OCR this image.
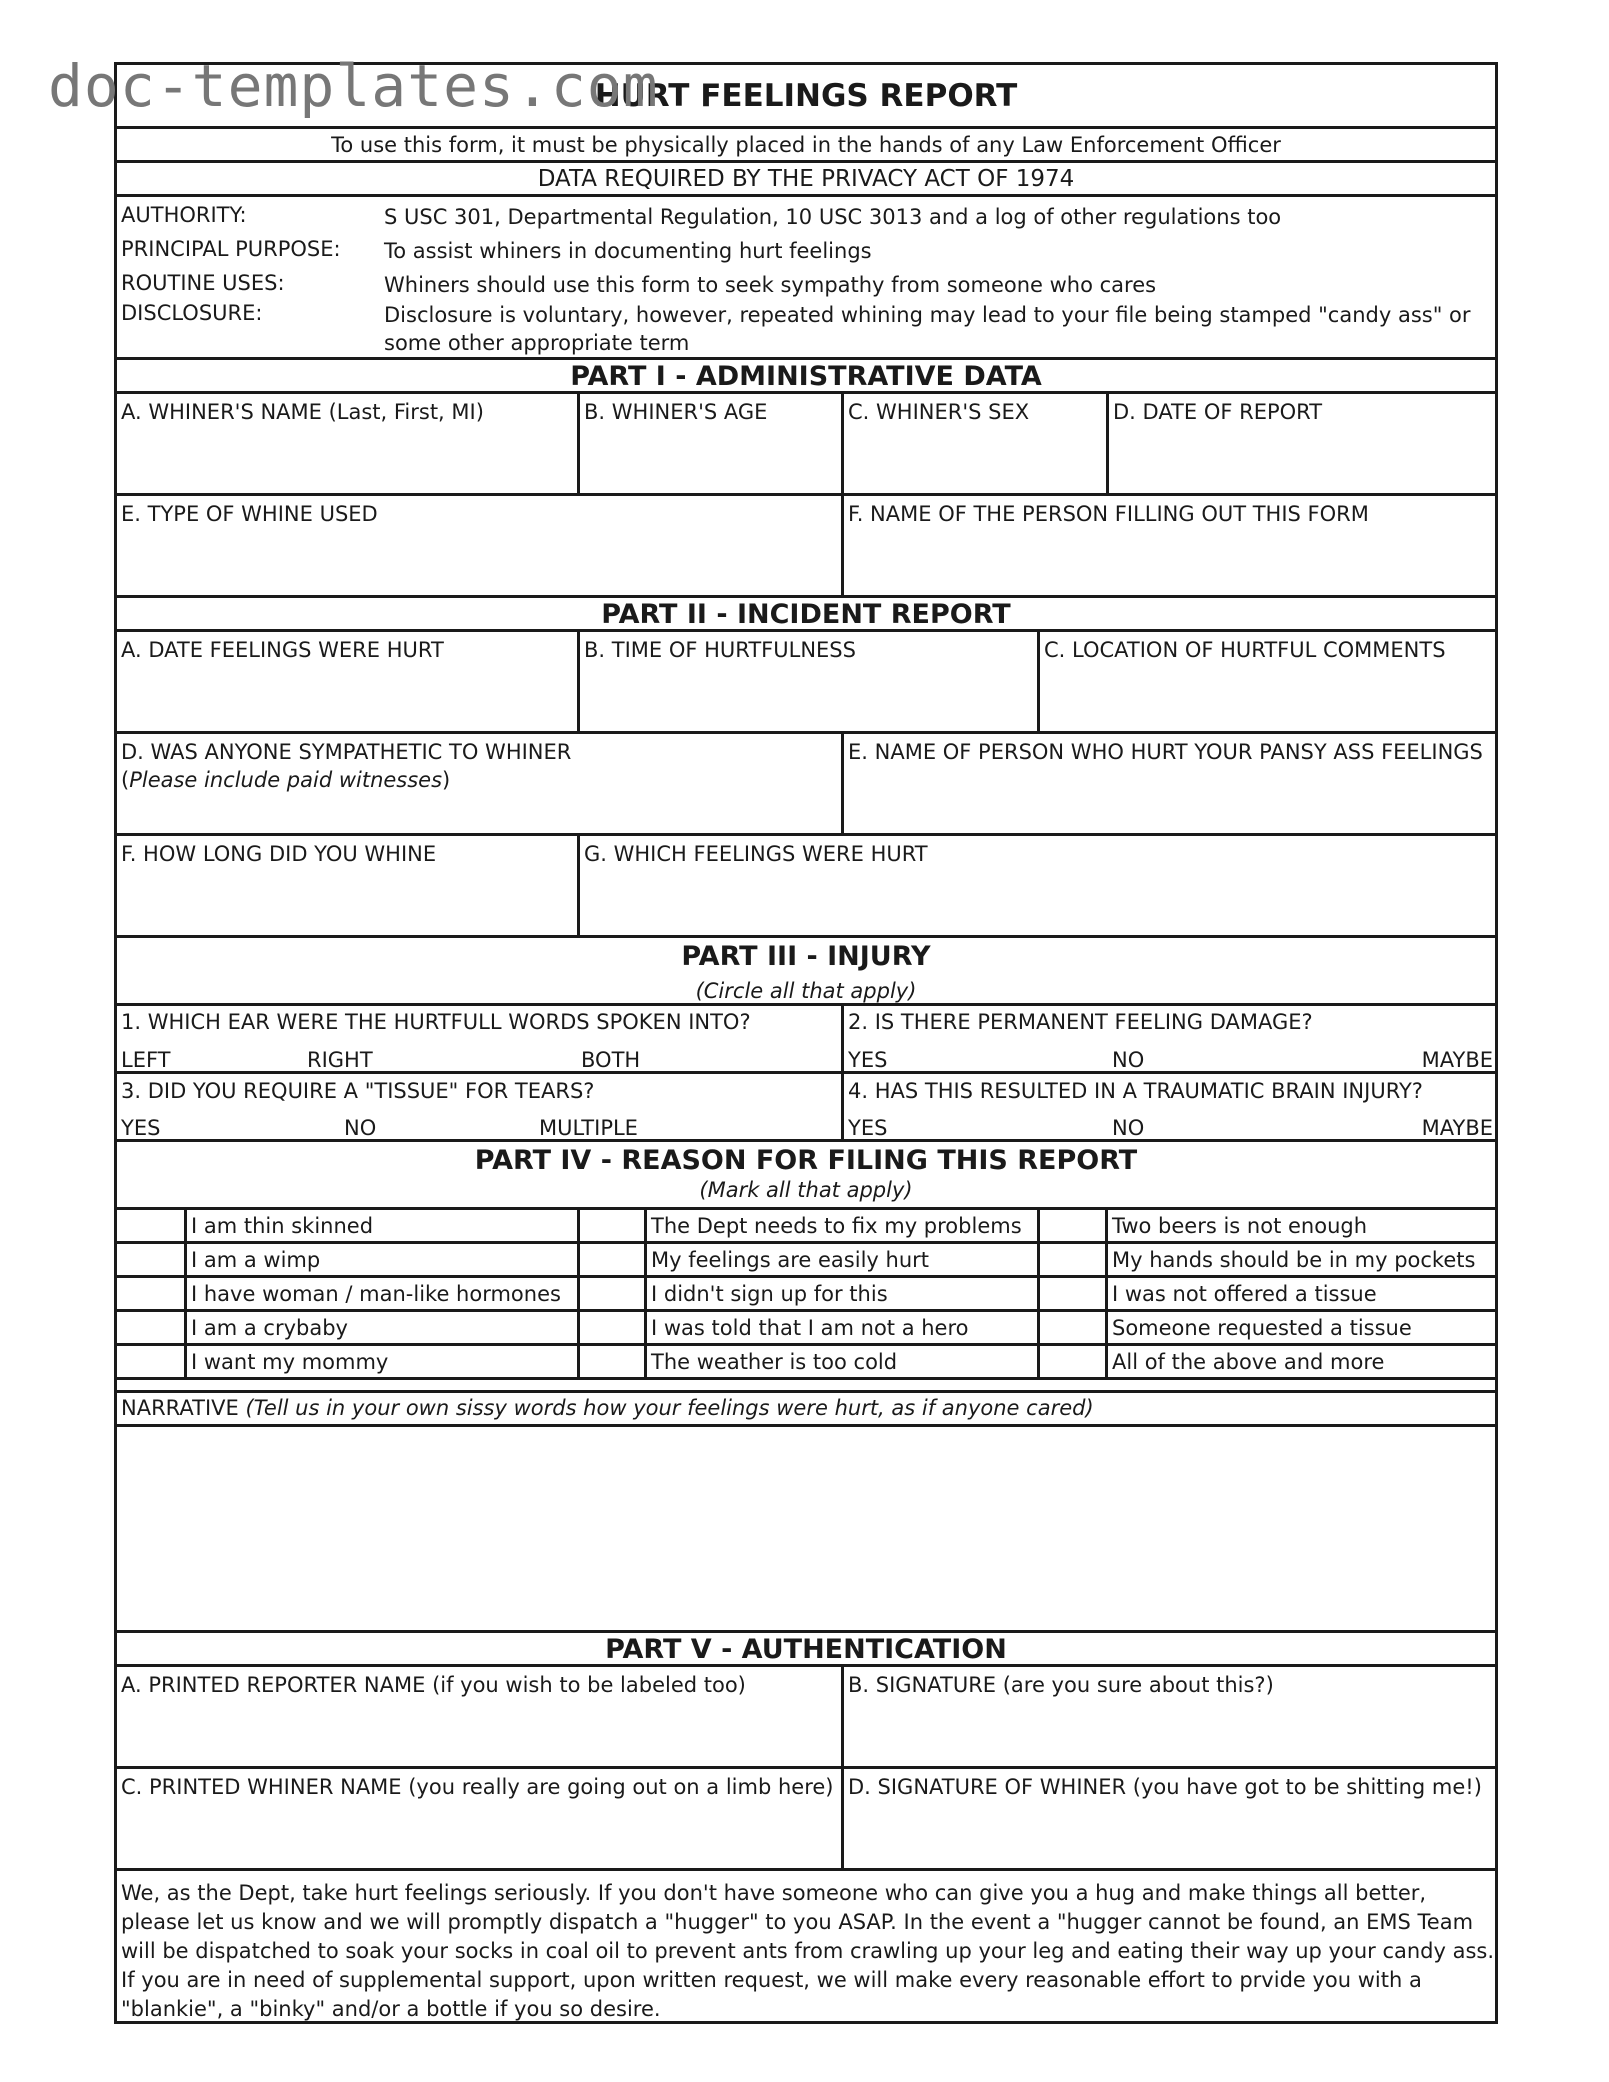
doc-templates.com
HURT FEELINGS REPORT
To use this form, it must be physically placed in the hands of any Law Enforcement Officer
DATA REQUIRED BY THE PRIVACY ACT OF 1974
AUTHORITY:	S USC 301, Departmental Regulation, 10 USC 3013 and a log of other regulations too
PRINCIPAL PURPOSE: To assist whiners in documenting hurt feelings
ROUTINE USES:	Whiners should use this form to seek sympathy from someone who cares
DISCLOSURE:	Disclosure is voluntary, however, repeated whining may lead to your file being stamped "candy ass" or
some other appropriate term
PART I - ADMINISTRATIVE DATA
A. WHINER'S NAME (Last, First, MI)	B. WHINER'S AGE	C. WHINER'S SEX	D. DATE OF REPORT
E. TYPE OF WHINE USED	F. NAME OF THE PERSON FILLING OUT THIS FORM
PART II - INCIDENT REPORT
A. DATE FEELINGS WERE HURT	B. TIME OF HURTFULNESS	C. LOCATION OF HURTFUL COMMENTS
D. WAS ANYONE SYMPATHETIC TO WHINER
(Please include paid witnesses)
E. NAME OF PERSON WHO HURT YOUR PANSY ASS FEELINGS
F. HOW LONG DID YOU WHINE	G. WHICH FEELINGS WERE HURT
PART III - INJURY
(Circle all that apply)
1. WHICH EAR WERE THE HURTFULL WORDS SPOKEN INTO?
LEFT	RIGHT	BOTH
2. IS THERE PERMANENT FEELING DAMAGE?
YES	NO	MAYBE
3. DID YOU REQUIRE A "TISSUE" FOR TEARS?
YES	NO	MULTIPLE
4. HAS THIS RESULTED IN A TRAUMATIC BRAIN INJURY?
YES	NO	MAYBE
PART IV - REASON FOR FILING THIS REPORT
(Mark all that apply)
I am thin skinned	The Dept needs to fix my problems	Two beers is not enough
I am a wimp	My feelings are easily hurt	My hands should be in my pockets
I have woman / man-like hormones	I didn't sign up for this	I was not offered a tissue
I am a crybaby	I was told that I am not a hero	Someone requested a tissue
I want my mommy	The weather is too cold	All of the above and more
NARRATIVE (Tell us in your own sissy words how your feelings were hurt, as if anyone cared)
PART V - AUTHENTICATION
A. PRINTED REPORTER NAME (if you wish to be labeled too)	B. SIGNATURE (are you sure about this?)
C. PRINTED WHINER NAME (you really are going out on a limb here) D. SIGNATURE OF WHINER (you have got to be shitting me!)
We, as the Dept, take hurt feelings seriously. If you don't have someone who can give you a hug and make things all better,
please let us know and we will promptly dispatch a "hugger" to you ASAP. In the event a "hugger cannot be found, an EMS Team
will be dispatched to soak your socks in coal oil to prevent ants from crawling up your leg and eating their way up your candy ass.
If you are in need of supplemental support, upon written request, we will make every reasonable effort to prvide you with a
"blankie", a "binky" and/or a bottle if you so desire.
